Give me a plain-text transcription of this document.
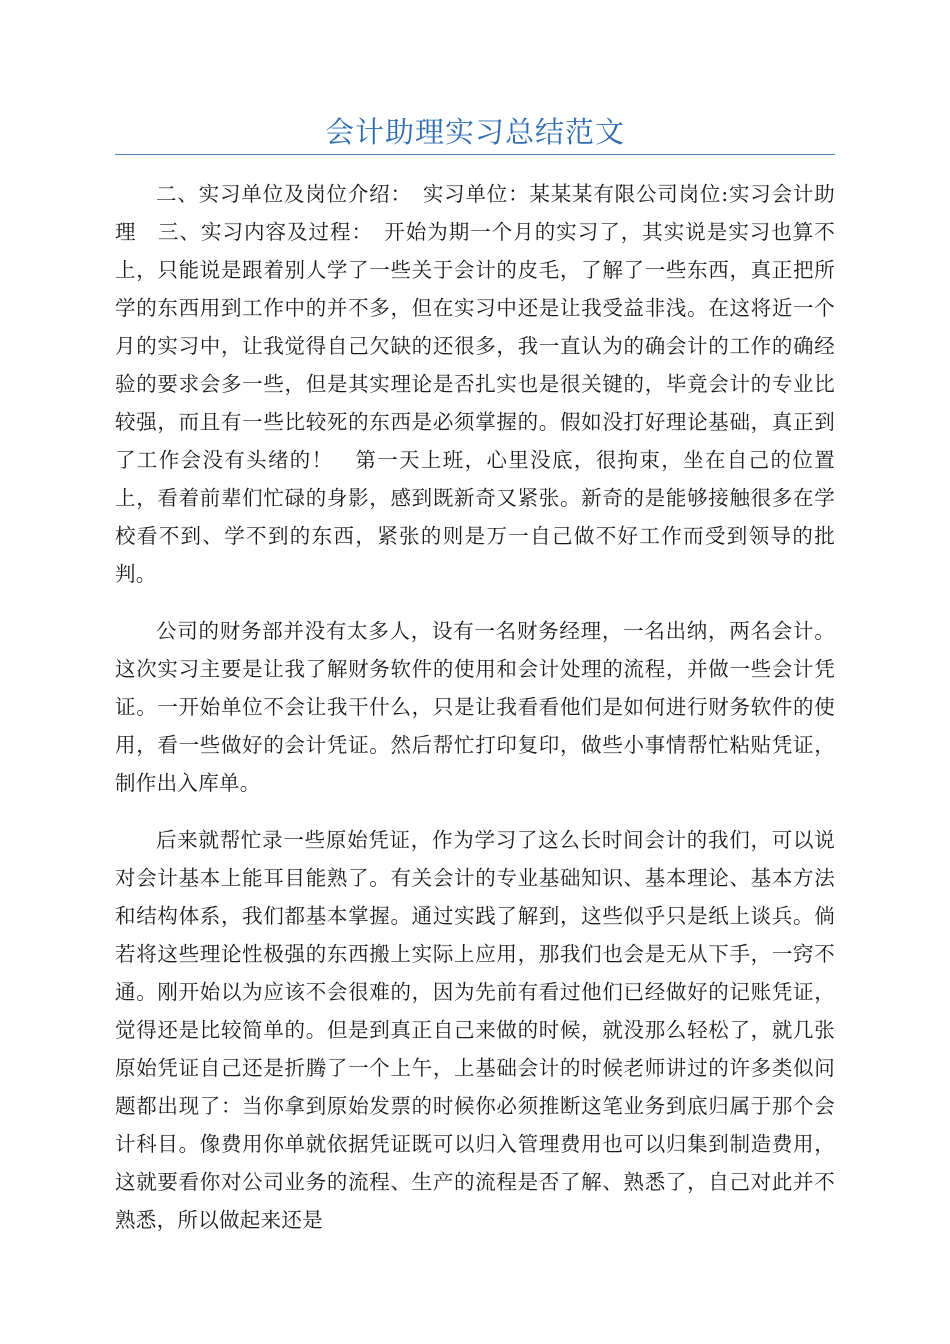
会计助理实习总结范文

二、实习单位及岗位介绍：　实习单位：某某某有限公司岗位:实习会计助理　三、实习内容及过程：　开始为期一个月的实习了，其实说是实习也算不上，只能说是跟着别人学了一些关于会计的皮毛，了解了一些东西，真正把所学的东西用到工作中的并不多，但在实习中还是让我受益非浅。在这将近一个月的实习中，让我觉得自己欠缺的还很多，我一直认为的确会计的工作的确经验的要求会多一些，但是其实理论是否扎实也是很关键的，毕竟会计的专业比较强，而且有一些比较死的东西是必须掌握的。假如没打好理论基础，真正到了工作会没有头绪的！　第一天上班，心里没底，很拘束，坐在自己的位置上，看着前辈们忙碌的身影，感到既新奇又紧张。新奇的是能够接触很多在学校看不到、学不到的东西，紧张的则是万一自己做不好工作而受到领导的批判。

公司的财务部并没有太多人，设有一名财务经理，一名出纳，两名会计。这次实习主要是让我了解财务软件的使用和会计处理的流程，并做一些会计凭证。一开始单位不会让我干什么，只是让我看看他们是如何进行财务软件的使用，看一些做好的会计凭证。然后帮忙打印复印，做些小事情帮忙粘贴凭证，制作出入库单。

后来就帮忙录一些原始凭证，作为学习了这么长时间会计的我们，可以说对会计基本上能耳目能熟了。有关会计的专业基础知识、基本理论、基本方法和结构体系，我们都基本掌握。通过实践了解到，这些似乎只是纸上谈兵。倘若将这些理论性极强的东西搬上实际上应用，那我们也会是无从下手，一窍不通。刚开始以为应该不会很难的，因为先前有看过他们已经做好的记账凭证，觉得还是比较简单的。但是到真正自己来做的时候，就没那么轻松了，就几张原始凭证自己还是折腾了一个上午，上基础会计的时候老师讲过的许多类似问题都出现了：当你拿到原始发票的时候你必须推断这笔业务到底归属于那个会计科目。像费用你单就依据凭证既可以归入管理费用也可以归集到制造费用，这就要看你对公司业务的流程、生产的流程是否了解、熟悉了，自己对此并不熟悉，所以做起来还是
